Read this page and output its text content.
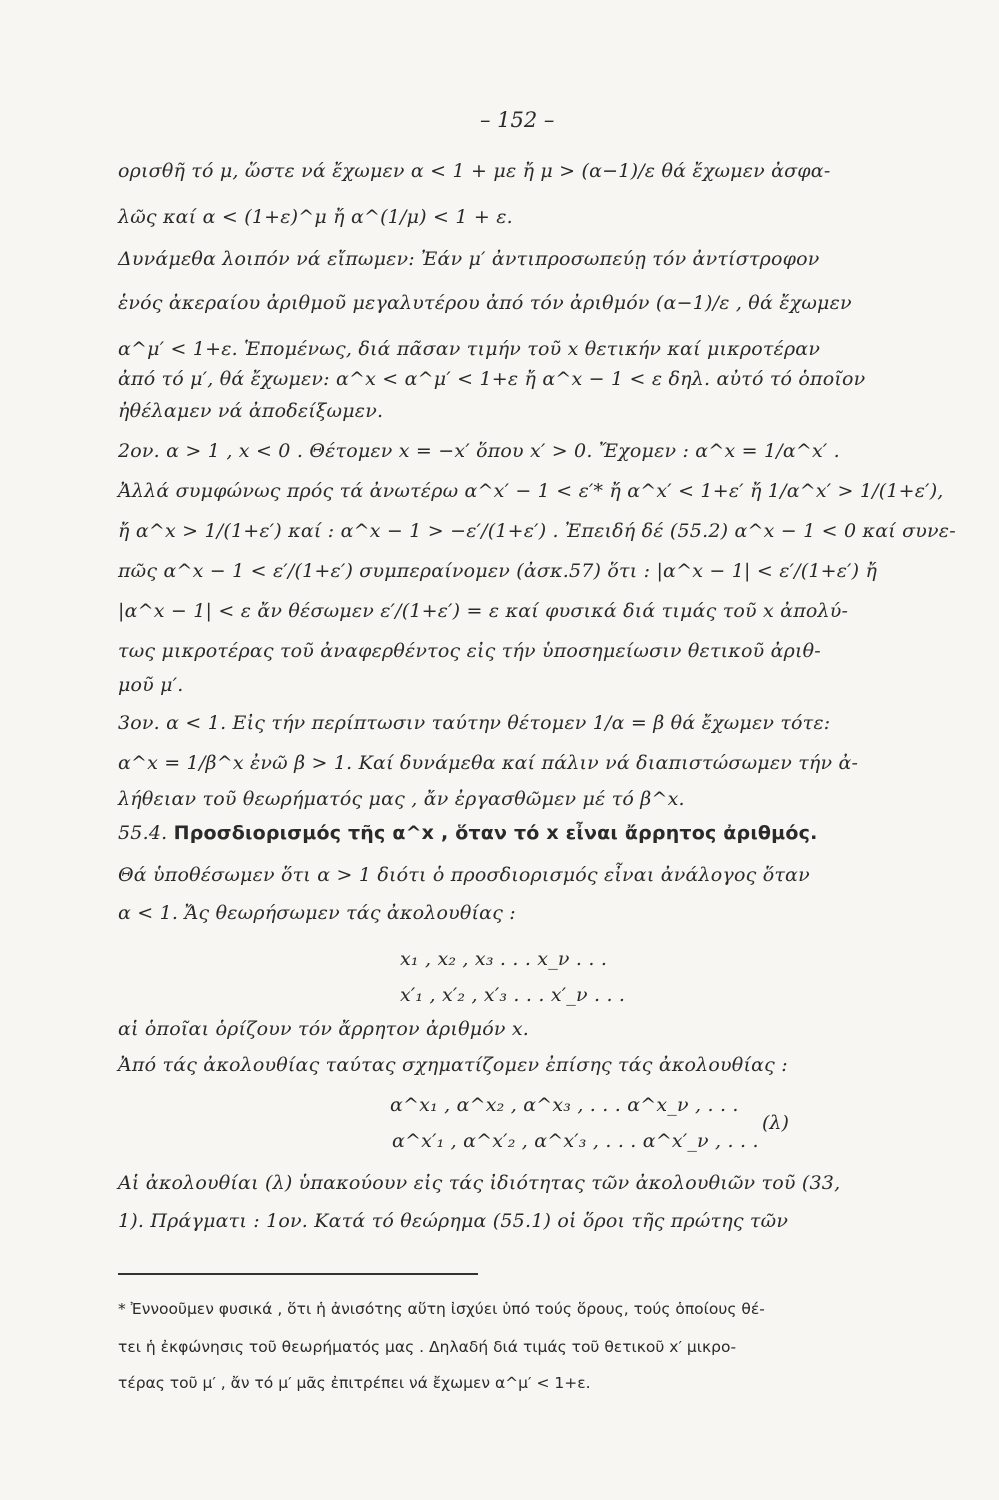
– 152 –
ορισθῆ τό μ, ὥστε νά ἔχωμεν α < 1 + με ἤ μ > (α−1)/ε θά ἔχωμεν ἀσφα-
λῶς καί α < (1+ε)^μ ἤ α^(1/μ) < 1 + ε.
Δυνάμεθα λοιπόν νά εἴπωμεν: Ἐάν μ′ ἀντιπροσωπεύῃ τόν ἀντίστροφον
ἑνός ἀκεραίου ἀριθμοῦ μεγαλυτέρου ἀπό τόν ἀριθμόν (α−1)/ε , θά ἔχωμεν
α^μ′ < 1+ε. Ἑπομένως, διά πᾶσαν τιμήν τοῦ x θετικήν καί μικροτέραν
ἀπό τό μ′, θά ἔχωμεν: α^x < α^μ′ < 1+ε ἤ α^x − 1 < ε δηλ. αὐτό τό ὁποῖον
ἠθέλαμεν νά ἀποδείξωμεν.
2ον. α > 1 , x < 0 . Θέτομεν x = −x′ ὅπου x′ > 0. Ἔχομεν : α^x = 1/α^x′ .
Ἀλλά συμφώνως πρός τά ἀνωτέρω α^x′ − 1 < ε′* ἤ α^x′ < 1+ε′ ἤ 1/α^x′ > 1/(1+ε′),
ἤ α^x > 1/(1+ε′) καί : α^x − 1 > −ε′/(1+ε′) . Ἐπειδή δέ (55.2) α^x − 1 < 0 καί συνε-
πῶς α^x − 1 < ε′/(1+ε′) συμπεραίνομεν (ἀσκ.57) ὅτι : |α^x − 1| < ε′/(1+ε′) ἤ
|α^x − 1| < ε ἄν θέσωμεν ε′/(1+ε′) = ε καί φυσικά διά τιμάς τοῦ x ἀπολύ-
τως μικροτέρας τοῦ ἀναφερθέντος εἰς τήν ὑποσημείωσιν θετικοῦ ἀριθ-
μοῦ μ′.
3ον. α < 1. Εἰς τήν περίπτωσιν ταύτην θέτομεν 1/α = β θά ἔχωμεν τότε:
α^x = 1/β^x ἐνῶ β > 1. Καί δυνάμεθα καί πάλιν νά διαπιστώσωμεν τήν ἀ-
λήθειαν τοῦ θεωρήματός μας , ἄν ἐργασθῶμεν μέ τό β^x.
55.4. Προσδιορισμός τῆς α^x , ὅταν τό x εἶναι ἄρρητος ἀριθμός.
Θά ὑποθέσωμεν ὅτι α > 1 διότι ὁ προσδιορισμός εἶναι ἀνάλογος ὅταν
α < 1. Ἄς θεωρήσωμεν τάς ἀκολουθίας :
x₁ , x₂ , x₃ . . . x_ν . . .
x′₁ , x′₂ , x′₃ . . . x′_ν . . .
αἱ ὁποῖαι ὁρίζουν τόν ἄρρητον ἀριθμόν x.
Ἀπό τάς ἀκολουθίας ταύτας σχηματίζομεν ἐπίσης τάς ἀκολουθίας :
α^x₁ , α^x₂ , α^x₃ , . . . α^x_ν , . . .
α^x′₁ , α^x′₂ , α^x′₃ , . . . α^x′_ν , . . .
(λ)
Αἱ ἀκολουθίαι (λ) ὑπακούουν εἰς τάς ἰδιότητας τῶν ἀκολουθιῶν τοῦ (33,
1). Πράγματι : 1ον. Κατά τό θεώρημα (55.1) οἱ ὅροι τῆς πρώτης τῶν
* Ἐννοοῦμεν φυσικά , ὅτι ἡ ἀνισότης αὕτη ἰσχύει ὑπό τούς ὅρους, τούς ὁποίους θέ-
τει ἡ ἐκφώνησις τοῦ θεωρήματός μας . Δηλαδή διά τιμάς τοῦ θετικοῦ x′ μικρο-
τέρας τοῦ μ′ , ἄν τό μ′ μᾶς ἐπιτρέπει νά ἔχωμεν α^μ′ < 1+ε.
